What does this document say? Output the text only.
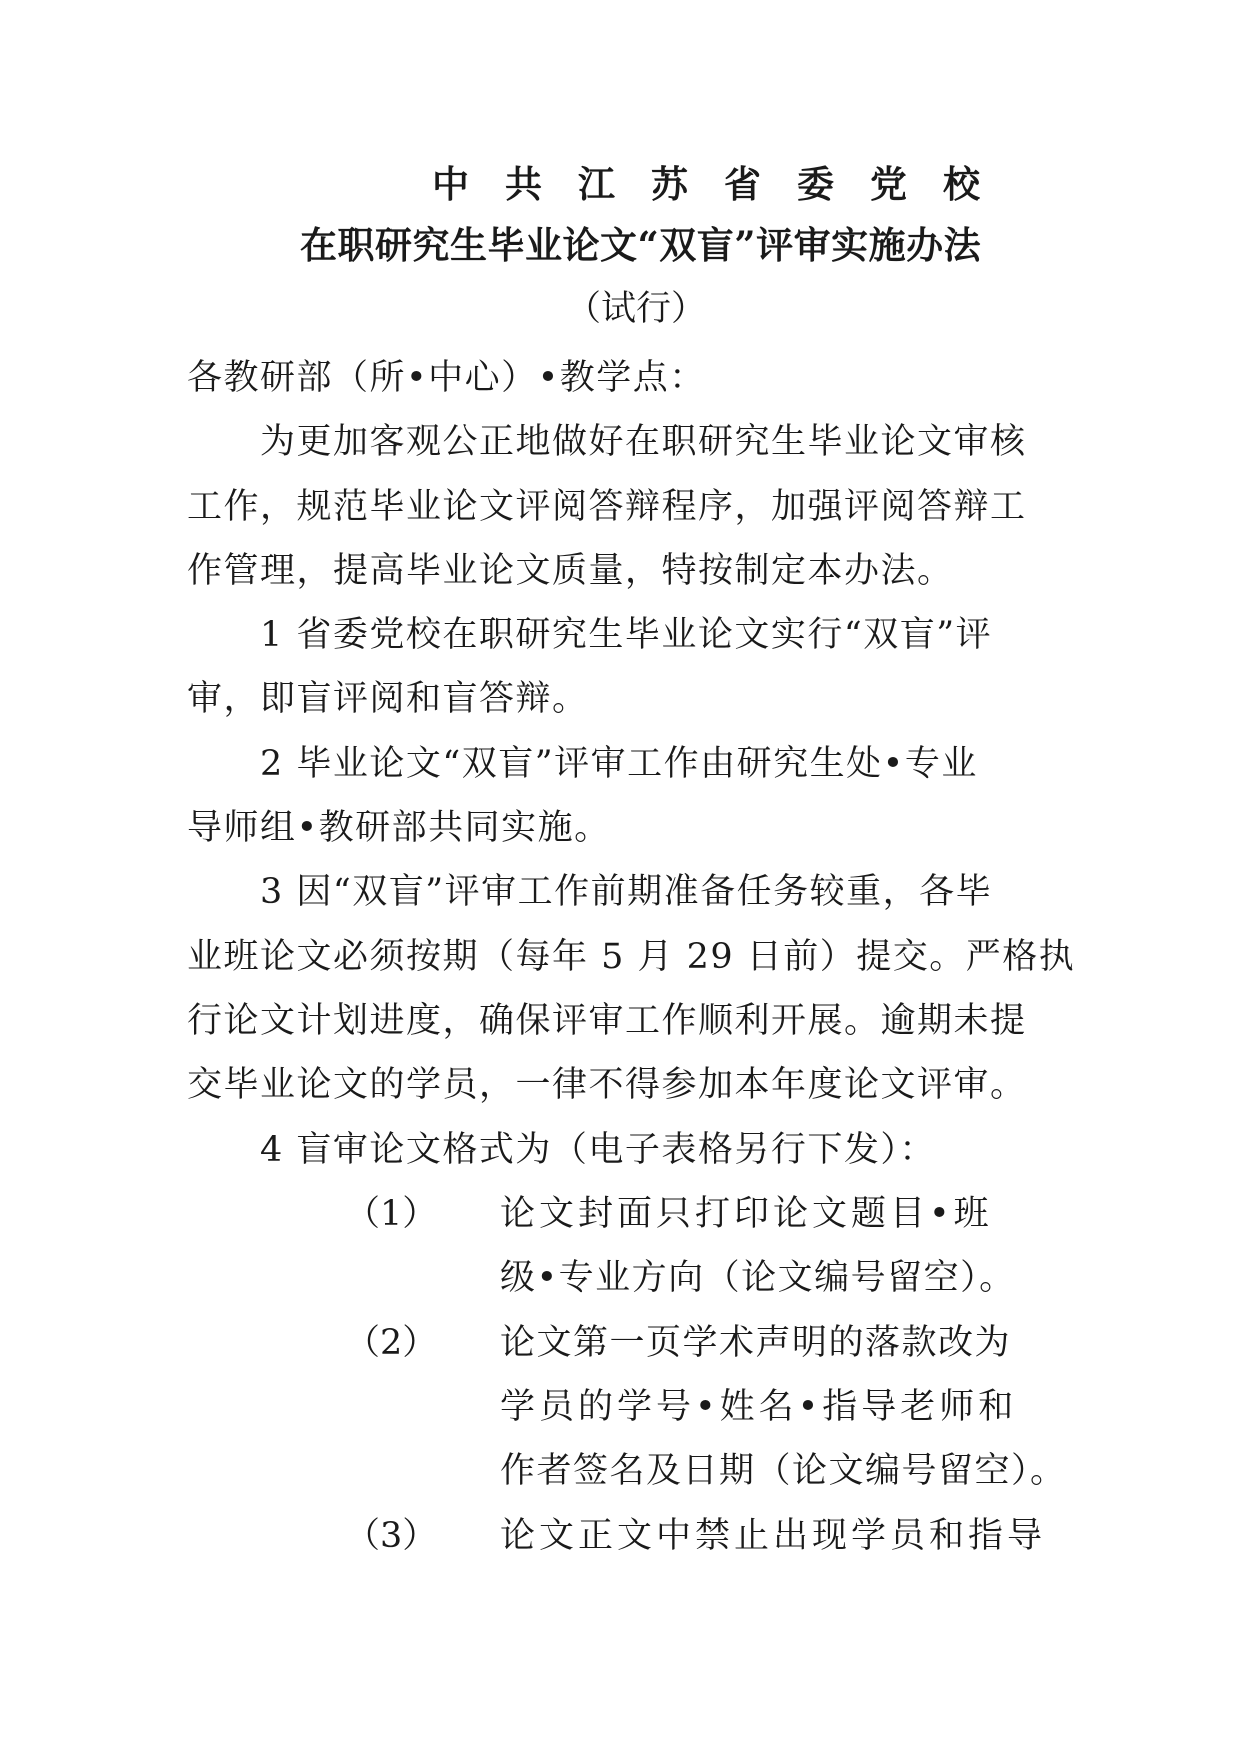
中共江苏省委党校
在职研究生毕业论文“双盲”评审实施办法
（试行）
各教研部（所•中心）•教学点：
为更加客观公正地做好在职研究生毕业论文审核
工作，规范毕业论文评阅答辩程序，加强评阅答辩工
作管理，提高毕业论文质量，特按制定本办法。
1 省委党校在职研究生毕业论文实行“双盲”评
审，即盲评阅和盲答辩。
2 毕业论文“双盲”评审工作由研究生处•专业
导师组•教研部共同实施。
3 因“双盲”评审工作前期准备任务较重，各毕
业班论文必须按期（每年 5 月 29 日前）提交。严格执
行论文计划进度，确保评审工作顺利开展。逾期未提
交毕业论文的学员，一律不得参加本年度论文评审。
4 盲审论文格式为（电子表格另行下发）：
（1） 论文封面只打印论文题目•班
级•专业方向（论文编号留空）。
（2） 论文第一页学术声明的落款改为
学员的学号•姓名•指导老师和
作者签名及日期（论文编号留空）。
（3） 论文正文中禁止出现学员和指导
